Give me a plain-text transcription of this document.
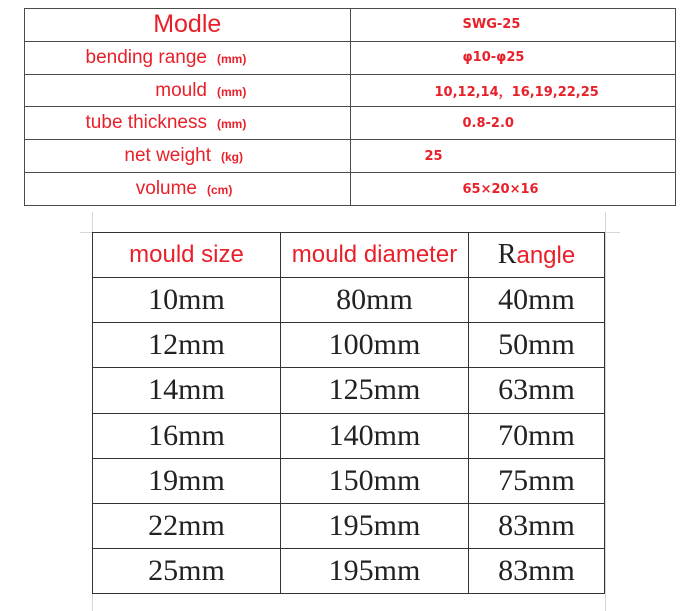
Modle	SWG-25

bending range (mm)	φ10-φ25

mould (mm)	10,12,14，16,19,22,25

tube thickness (mm)	0.8-2.0

net weight (kg)	25

volume (cm)	65×20×16
mould size	mould diameter	Rangle
10mm	80mm	40mm
12mm	100mm	50mm
14mm	125mm	63mm
16mm	140mm	70mm
19mm	150mm	75mm
22mm	195mm	83mm
25mm	195mm	83mm
